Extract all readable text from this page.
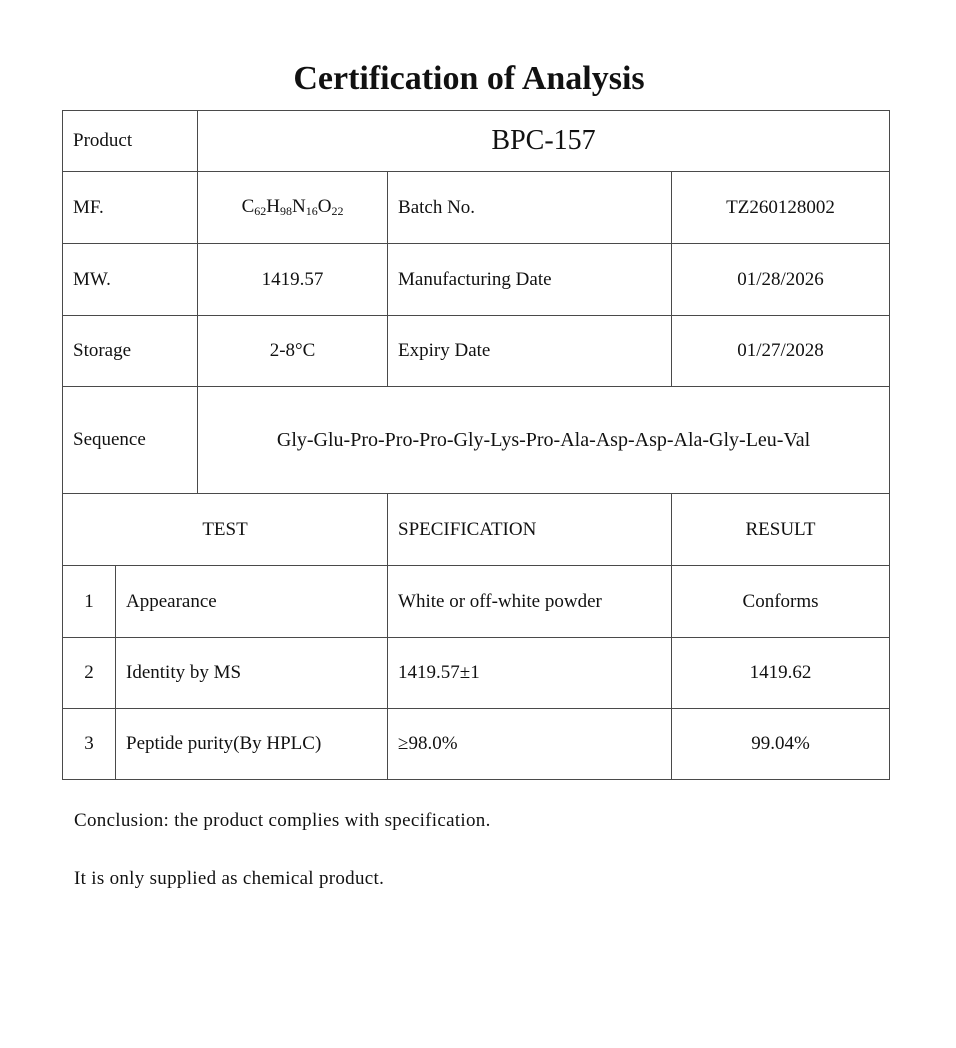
Certification of Analysis
Product		BPC-157		
MF.		$C_{62}H_{98}N_{16}O_{22}$	Batch No.	TZ260128002
MW.		1419.57	Manufacturing Date	01/28/2026
Storage		2-8°C	Expiry Date	01/27/2028
Sequence		Gly-Glu-Pro-Pro-Pro-Gly-Lys-Pro-Ala-Asp-Asp-Ala-Gly-Leu-Val		
TEST			SPECIFICATION	RESULT
1	Appearance		White or off-white powder	Conforms
2	Identity by MS		1419.57±1	1419.62
3	Peptide purity(By HPLC)		≥98.0%	99.04%

Conclusion: the product complies with specification.

It is only supplied as chemical product.
